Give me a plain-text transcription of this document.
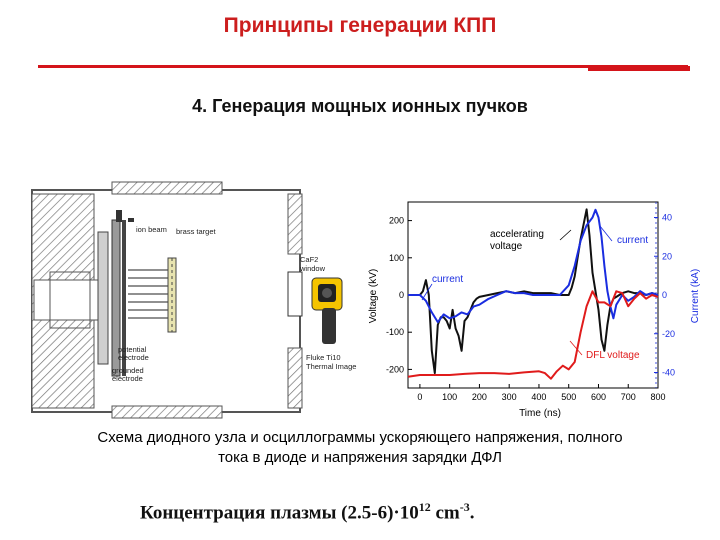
Принципы генерации КПП
4. Генерация мощных ионных пучков
ion beam brass target
CaF2
window
potential
electrode
grounded
electrode
Fluke Ti10
Thermal Image
0 100 200 300 400 500 600 700 800
200
100
0
-100
-200
40
20
0
-20
-40
Voltage (kV)	Current (kA)
Time (ns)
accelerating
voltage
current
current
DFL voltage
Схема диодного узла и осциллограммы ускоряющего напряжения, полного
тока в диоде и напряжения зарядки ДФЛ
Концентрация плазмы $(2.5-6)\cdot 10^{12}$ $cm^{-3}$.
